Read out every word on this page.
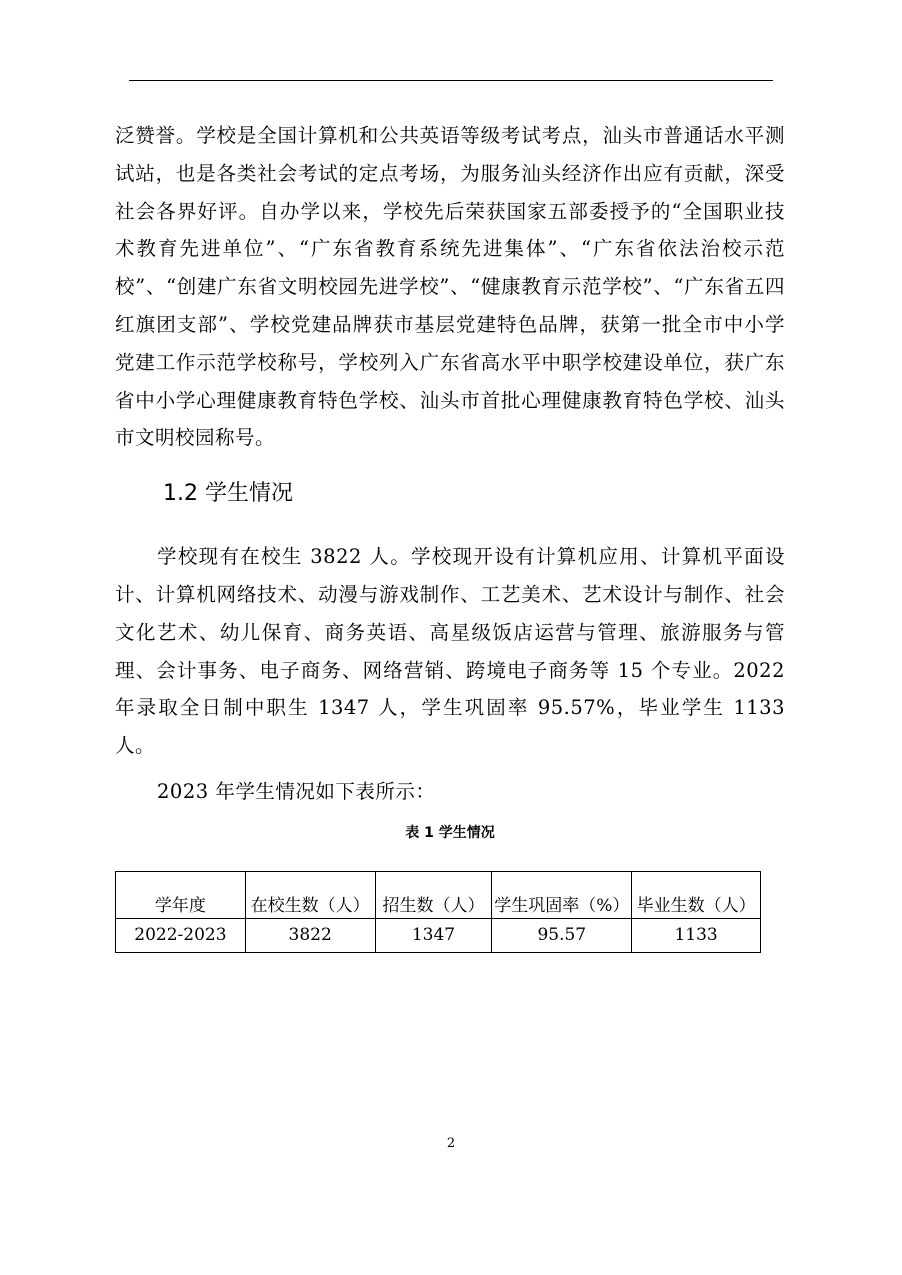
泛赞誉。学校是全国计算机和公共英语等级考试考点，汕头市普通话水平测试站，也是各类社会考试的定点考场，为服务汕头经济作出应有贡献，深受社会各界好评。自办学以来，学校先后荣获国家五部委授予的“全国职业技术教育先进单位”、“广东省教育系统先进集体”、“广东省依法治校示范校”、“创建广东省文明校园先进学校”、“健康教育示范学校”、“广东省五四红旗团支部”、学校党建品牌获市基层党建特色品牌，获第一批全市中小学党建工作示范学校称号，学校列入广东省高水平中职学校建设单位，获广东省中小学心理健康教育特色学校、汕头市首批心理健康教育特色学校、汕头市文明校园称号。

1.2 学生情况

学校现有在校生 3822 人。学校现开设有计算机应用、计算机平面设计、计算机网络技术、动漫与游戏制作、工艺美术、艺术设计与制作、社会文化艺术、幼儿保育、商务英语、高星级饭店运营与管理、旅游服务与管理、会计事务、电子商务、网络营销、跨境电子商务等 15 个专业。2022 年录取全日制中职生 1347 人，学生巩固率 95.57%，毕业学生 1133 人。

2023 年学生情况如下表所示：

表 1 学生情况
学年度	在校生数（人）	招生数（人）	学生巩固率（%）	毕业生数（人）
2022-2023	3822	1347	95.57	1133
2
